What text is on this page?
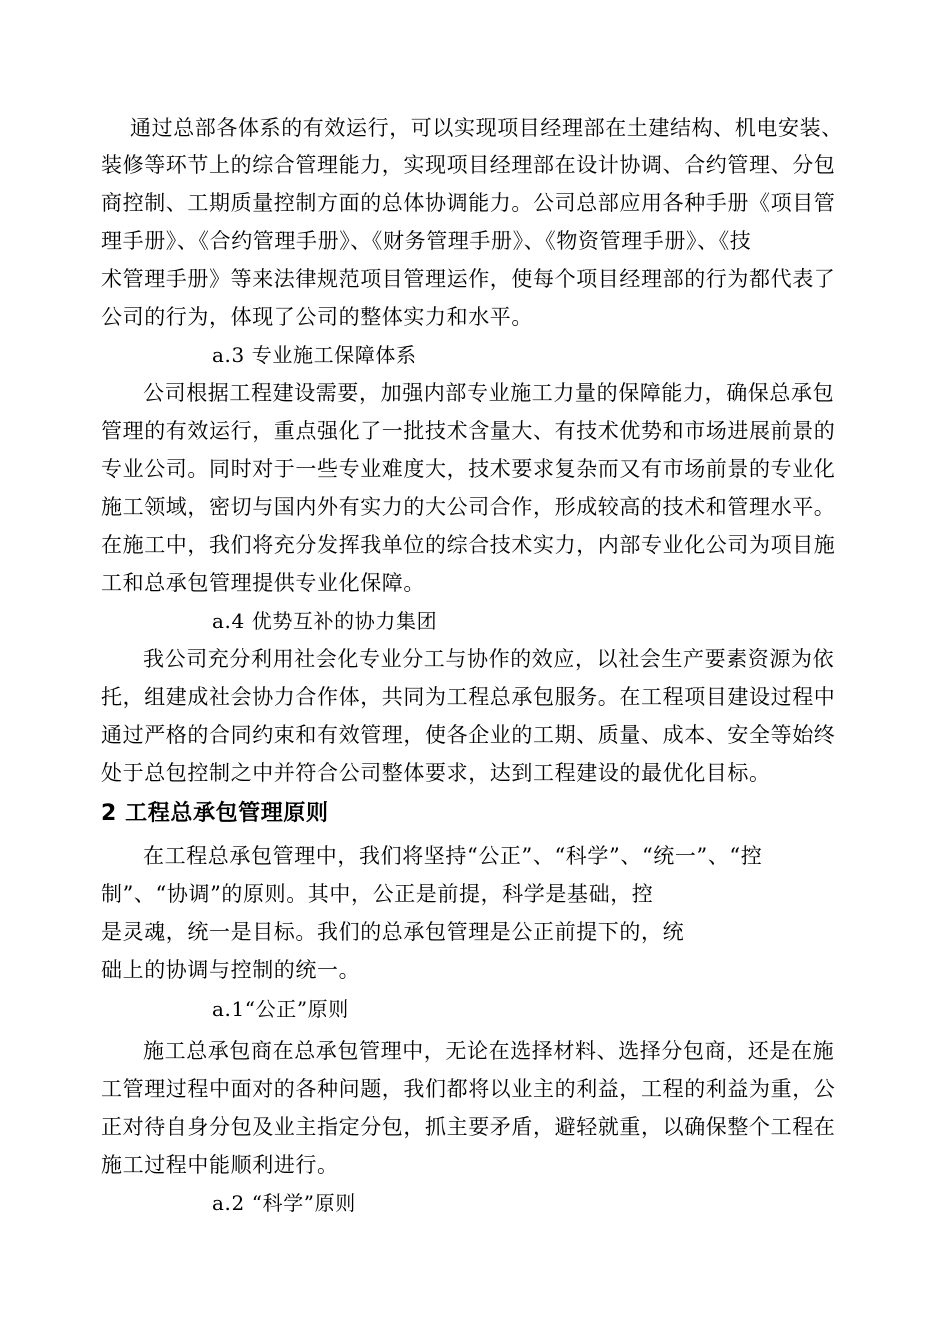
通过总部各体系的有效运行，可以实现项目经理部在土建结构、机电安装、
装修等环节上的综合管理能力，实现项目经理部在设计协调、合约管理、分包
商控制、工期质量控制方面的总体协调能力。公司总部应用各种手册《项目管
理手册》、《合约管理手册》、《财务管理手册》、《物资管理手册》、《技
术管理手册》等来法律规范项目管理运作，使每个项目经理部的行为都代表了
公司的行为，体现了公司的整体实力和水平。
a.3 专业施工保障体系
公司根据工程建设需要，加强内部专业施工力量的保障能力，确保总承包
管理的有效运行，重点强化了一批技术含量大、有技术优势和市场进展前景的
专业公司。同时对于一些专业难度大，技术要求复杂而又有市场前景的专业化
施工领域，密切与国内外有实力的大公司合作，形成较高的技术和管理水平。
在施工中，我们将充分发挥我单位的综合技术实力，内部专业化公司为项目施
工和总承包管理提供专业化保障。
a.4 优势互补的协力集团
我公司充分利用社会化专业分工与协作的效应，以社会生产要素资源为依
托，组建成社会协力合作体，共同为工程总承包服务。在工程项目建设过程中
通过严格的合同约束和有效管理，使各企业的工期、质量、成本、安全等始终
处于总包控制之中并符合公司整体要求，达到工程建设的最优化目标。
2 工程总承包管理原则
在工程总承包管理中，我们将坚持“公正”、“科学”、“统一”、“控
制”、“协调”的原则。其中，公正是前提，科学是基础，控
是灵魂，统一是目标。我们的总承包管理是公正前提下的，统
础上的协调与控制的统一。
a.1“公正”原则
施工总承包商在总承包管理中，无论在选择材料、选择分包商，还是在施
工管理过程中面对的各种问题，我们都将以业主的利益，工程的利益为重，公
正对待自身分包及业主指定分包，抓主要矛盾，避轻就重，以确保整个工程在
施工过程中能顺利进行。
a.2 “科学”原则
